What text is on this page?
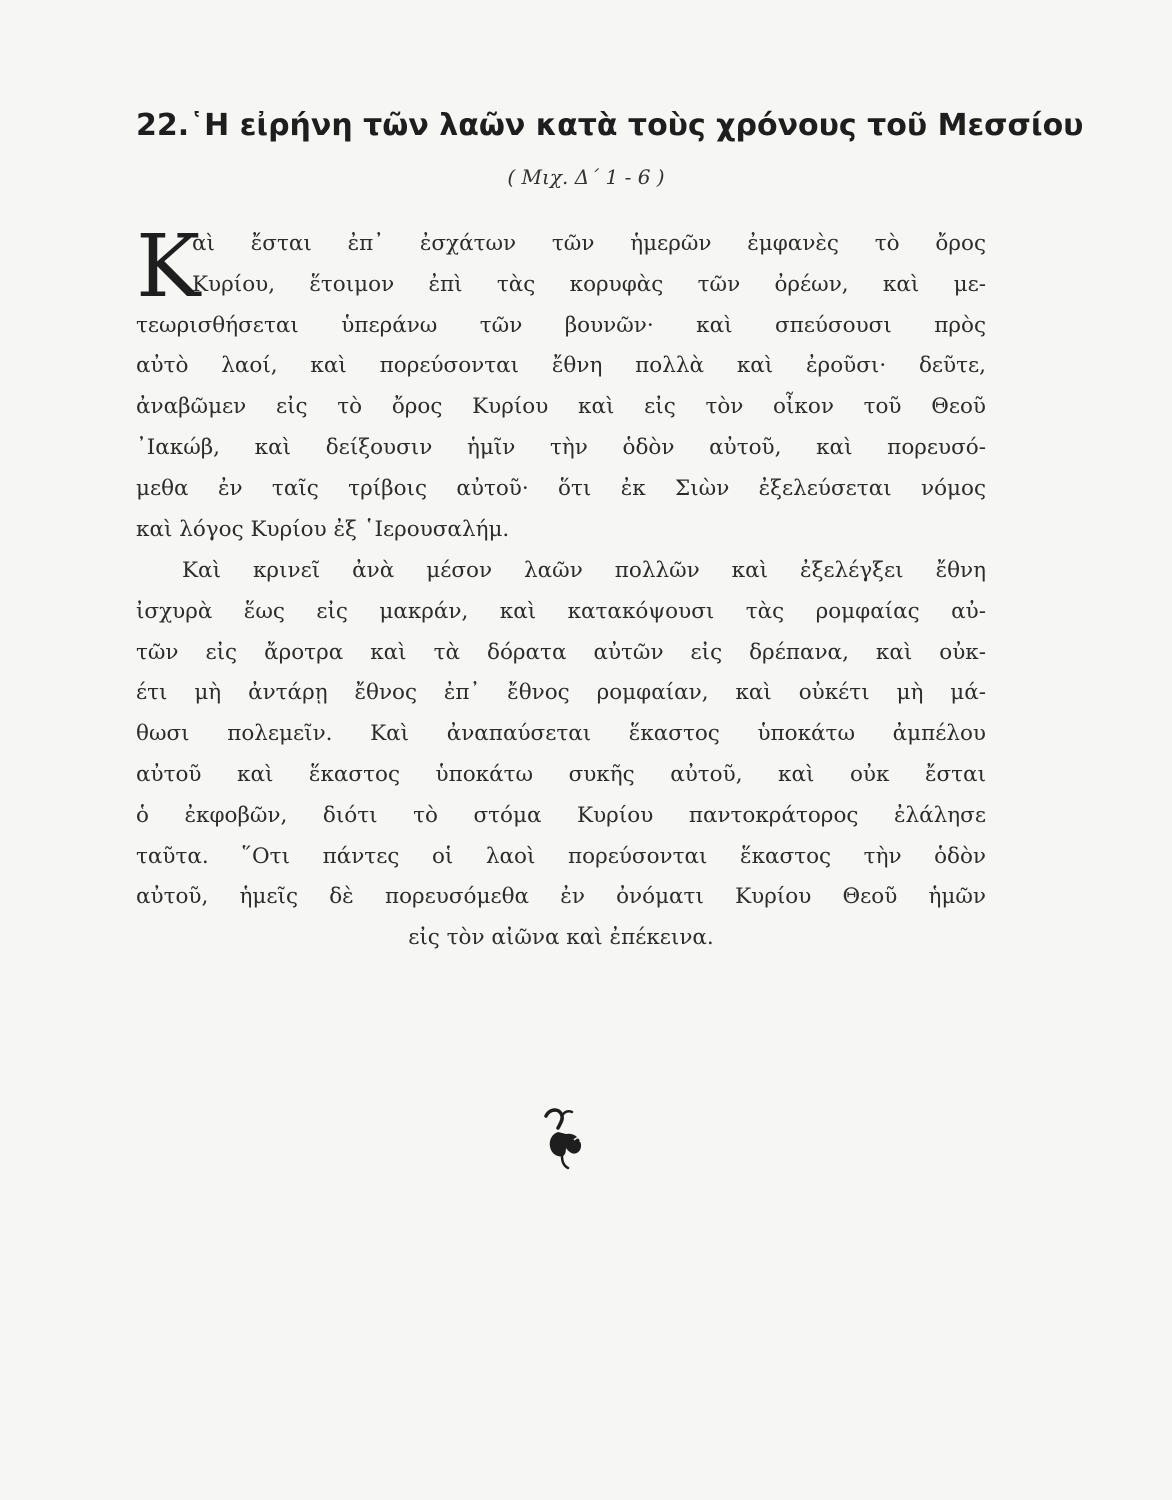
22.῾Η εἰρήνη τῶν λαῶν κατὰ τοὺς χρόνους τοῦ Μεσσίου
( Μιχ. Δ΄ 1 - 6 )
Κ
αὶ ἔσται ἐπ᾽ ἐσχάτων τῶν ἡμερῶν ἐμφανὲς τὸ ὄρος
Κυρίου, ἕτοιμον ἐπὶ τὰς κορυφὰς τῶν ὀρέων, καὶ με-
τεωρισθήσεται ὑπεράνω τῶν βουνῶν· καὶ σπεύσουσι πρὸς
αὐτὸ λαοί, καὶ πορεύσονται ἔθνη πολλὰ καὶ ἐροῦσι· δεῦτε,
ἀναβῶμεν εἰς τὸ ὄρος Κυρίου καὶ εἰς τὸν οἶκον τοῦ Θεοῦ
᾽Ιακώβ, καὶ δείξουσιν ἡμῖν τὴν ὁδὸν αὐτοῦ, καὶ πορευσό-
μεθα ἐν ταῖς τρίβοις αὐτοῦ· ὅτι ἐκ Σιὼν ἐξελεύσεται νόμος
καὶ λόγος Κυρίου ἐξ ῾Ιερουσαλήμ.
Καὶ κρινεῖ ἀνὰ μέσον λαῶν πολλῶν καὶ ἐξελέγξει ἔθνη
ἰσχυρὰ ἕως εἰς μακράν, καὶ κατακόψουσι τὰς ρομφαίας αὐ-
τῶν εἰς ἄροτρα καὶ τὰ δόρατα αὐτῶν εἰς δρέπανα, καὶ οὐκ-
έτι μὴ ἀντάρῃ ἔθνος ἐπ᾽ ἔθνος ρομφαίαν, καὶ οὐκέτι μὴ μά-
θωσι πολεμεῖν. Καὶ ἀναπαύσεται ἕκαστος ὑποκάτω ἀμπέλου
αὐτοῦ καὶ ἕκαστος ὑποκάτω συκῆς αὐτοῦ, καὶ οὐκ ἔσται
ὁ ἐκφοβῶν, διότι τὸ στόμα Κυρίου παντοκράτορος ἐλάλησε
ταῦτα. ῞Οτι πάντες οἱ λαοὶ πορεύσονται ἕκαστος τὴν ὁδὸν
αὐτοῦ, ἡμεῖς δὲ πορευσόμεθα ἐν ὀνόματι Κυρίου Θεοῦ ἡμῶν
εἰς τὸν αἰῶνα καὶ ἐπέκεινα.
